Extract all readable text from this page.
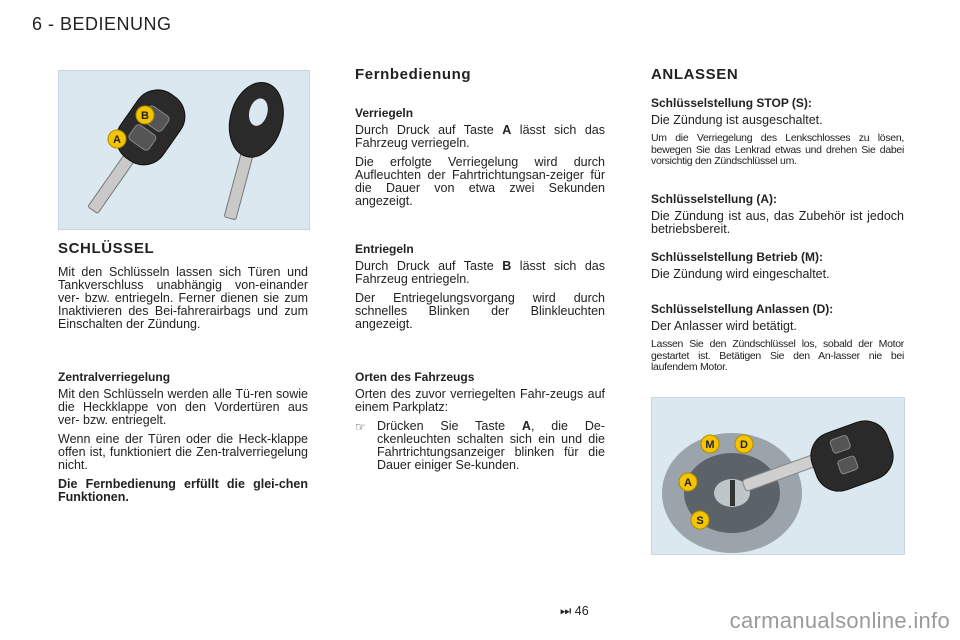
6 - BEDIENUNG
B
A
SCHLÜSSEL

Mit den Schlüsseln lassen sich Türen und Tankverschluss unabhängig von-einander ver- bzw. entriegeln. Ferner dienen sie zum Inaktivieren des Bei-fahrerairbags und zum Einschalten der Zündung.

Zentralverriegelung

Mit den Schlüsseln werden alle Tü-ren sowie die Heckklappe von den Vordertüren aus ver- bzw. entriegelt.

Wenn eine der Türen oder die Heck-klappe offen ist, funktioniert die Zen-tralverriegelung nicht.

Die Fernbedienung erfüllt die glei-chen Funktionen.

Fernbedienung
Verriegeln

Durch Druck auf Taste A lässt sich das Fahrzeug verriegeln.

Die erfolgte Verriegelung wird durch Aufleuchten der Fahrtrichtungsan-zeiger für die Dauer von etwa zwei Sekunden angezeigt.

Entriegeln

Durch Druck auf Taste B lässt sich das Fahrzeug entriegeln.

Der Entriegelungsvorgang wird durch schnelles Blinken der Blinkleuchten angezeigt.

Orten des Fahrzeugs

Orten des zuvor verriegelten Fahr-zeugs auf einem Parkplatz:

☞ Drücken Sie Taste A, die De-ckenleuchten schalten sich ein und die Fahrtrichtungsanzeiger blinken für die Dauer einiger Se-kunden.

ANLASSEN
Schlüsselstellung STOP (S):

Die Zündung ist ausgeschaltet.

Um die Verriegelung des Lenkschlosses zu lösen, bewegen Sie das Lenkrad etwas und drehen Sie dabei vorsichtig den Zündschlüssel um.

Schlüsselstellung (A):

Die Zündung ist aus, das Zubehör ist jedoch betriebsbereit.

Schlüsselstellung Betrieb (M):

Die Zündung wird eingeschaltet.

Schlüsselstellung Anlassen (D):

Der Anlasser wird betätigt.

Lassen Sie den Zündschlüssel los, sobald der Motor gestartet ist. Betätigen Sie den An-lasser nie bei laufendem Motor.

M D
A
S
⏭ 46	carmanualsonline.info
